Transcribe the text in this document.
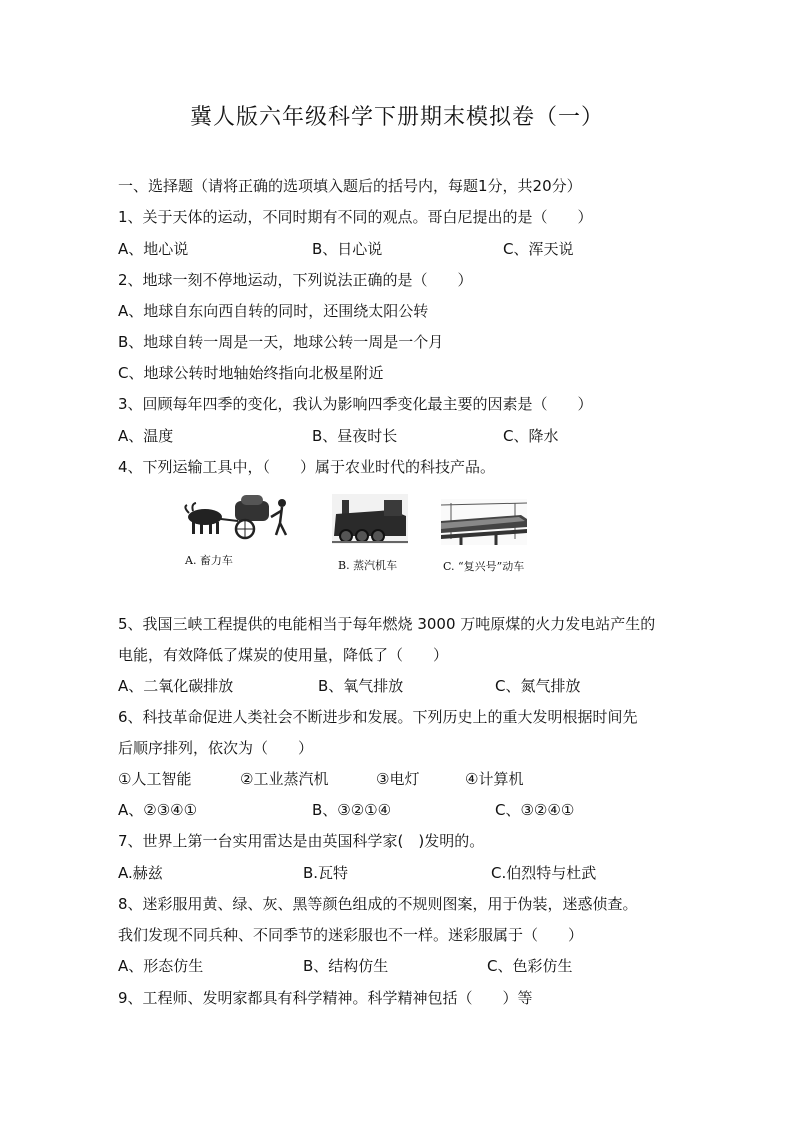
冀人版六年级科学下册期末模拟卷（一）
一、选择题（请将正确的选项填入题后的括号内，每题1分，共20分）
1、关于天体的运动，不同时期有不同的观点。哥白尼提出的是（　　）
A、地心说	B、日心说	C、浑天说
2、地球一刻不停地运动，下列说法正确的是（　　）
A、地球自东向西自转的同时，还围绕太阳公转
B、地球自转一周是一天，地球公转一周是一个月
C、地球公转时地轴始终指向北极星附近
3、回顾每年四季的变化，我认为影响四季变化最主要的因素是（　　）
A、温度	B、昼夜时长	C、降水
4、下列运输工具中，（　　）属于农业时代的科技产品。
A. 畜力车	B. 蒸汽机车	C. “复兴号”动车
5、我国三峡工程提供的电能相当于每年燃烧 3000 万吨原煤的火力发电站产生的
电能，有效降低了煤炭的使用量，降低了（　　）
A、二氧化碳排放	B、氧气排放	C、氮气排放
6、科技革命促进人类社会不断进步和发展。下列历史上的重大发明根据时间先
后顺序排列，依次为（　　）
①人工智能	②工业蒸汽机	③电灯	④计算机
A、②③④①	B、③②①④	C、③②④①
7、世界上第一台实用雷达是由英国科学家(　)发明的。
A.赫兹	B.瓦特	C.伯烈特与杜武
8、迷彩服用黄、绿、灰、黑等颜色组成的不规则图案，用于伪装，迷惑侦查。
我们发现不同兵种、不同季节的迷彩服也不一样。迷彩服属于（　　）
A、形态仿生	B、结构仿生	C、色彩仿生
9、工程师、发明家都具有科学精神。科学精神包括（　　）等
